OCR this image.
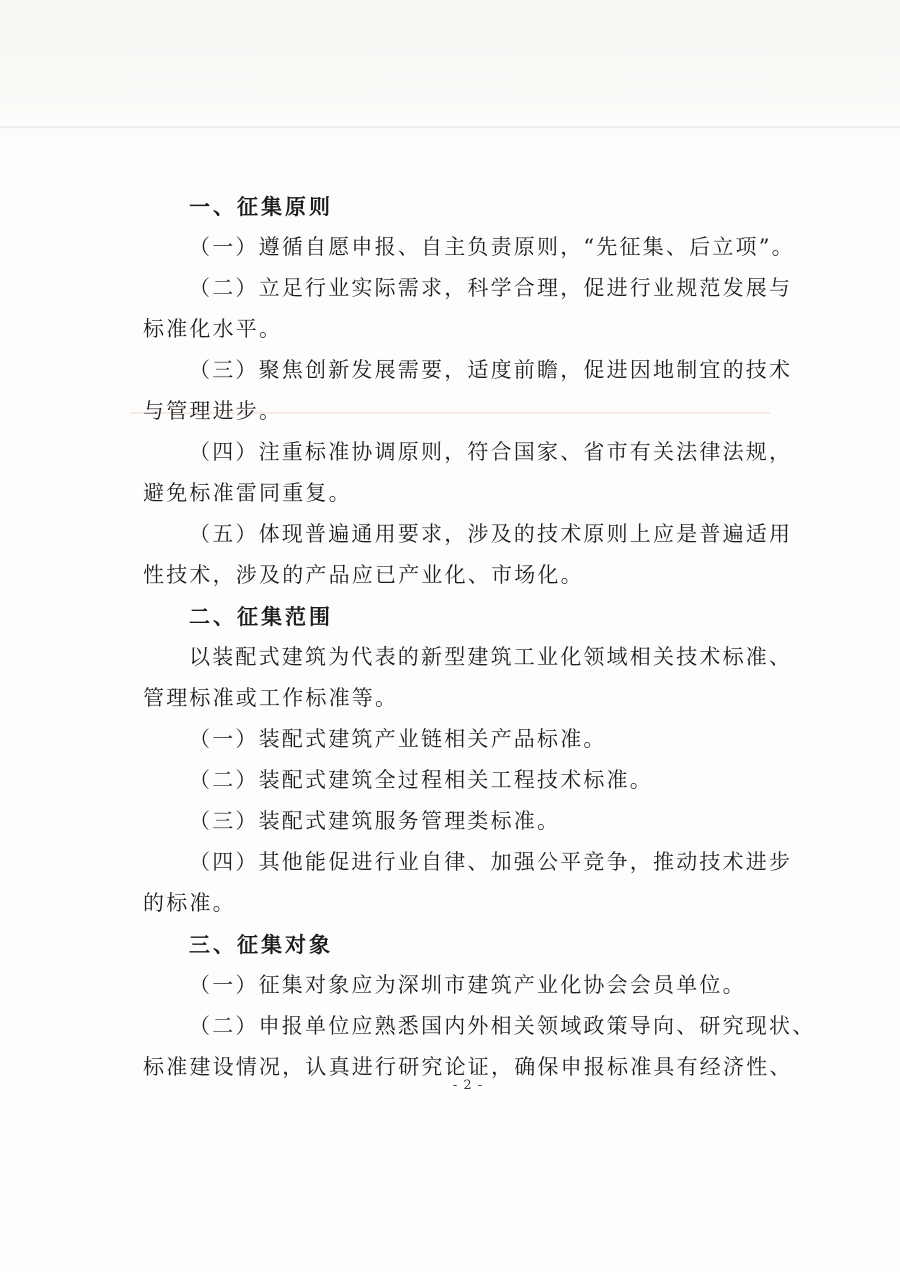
一、征集原则
（一）遵循自愿申报、自主负责原则，“先征集、后立项”。
（二）立足行业实际需求，科学合理，促进行业规范发展与
标准化水平。
（三）聚焦创新发展需要，适度前瞻，促进因地制宜的技术
与管理进步。
（四）注重标准协调原则，符合国家、省市有关法律法规，
避免标准雷同重复。
（五）体现普遍通用要求，涉及的技术原则上应是普遍适用
性技术，涉及的产品应已产业化、市场化。
二、征集范围
以装配式建筑为代表的新型建筑工业化领域相关技术标准、
管理标准或工作标准等。
（一）装配式建筑产业链相关产品标准。
（二）装配式建筑全过程相关工程技术标准。
（三）装配式建筑服务管理类标准。
（四）其他能促进行业自律、加强公平竞争，推动技术进步
的标准。
三、征集对象
（一）征集对象应为深圳市建筑产业化协会会员单位。
（二）申报单位应熟悉国内外相关领域政策导向、研究现状、
标准建设情况，认真进行研究论证，确保申报标准具有经济性、
- 2 -
